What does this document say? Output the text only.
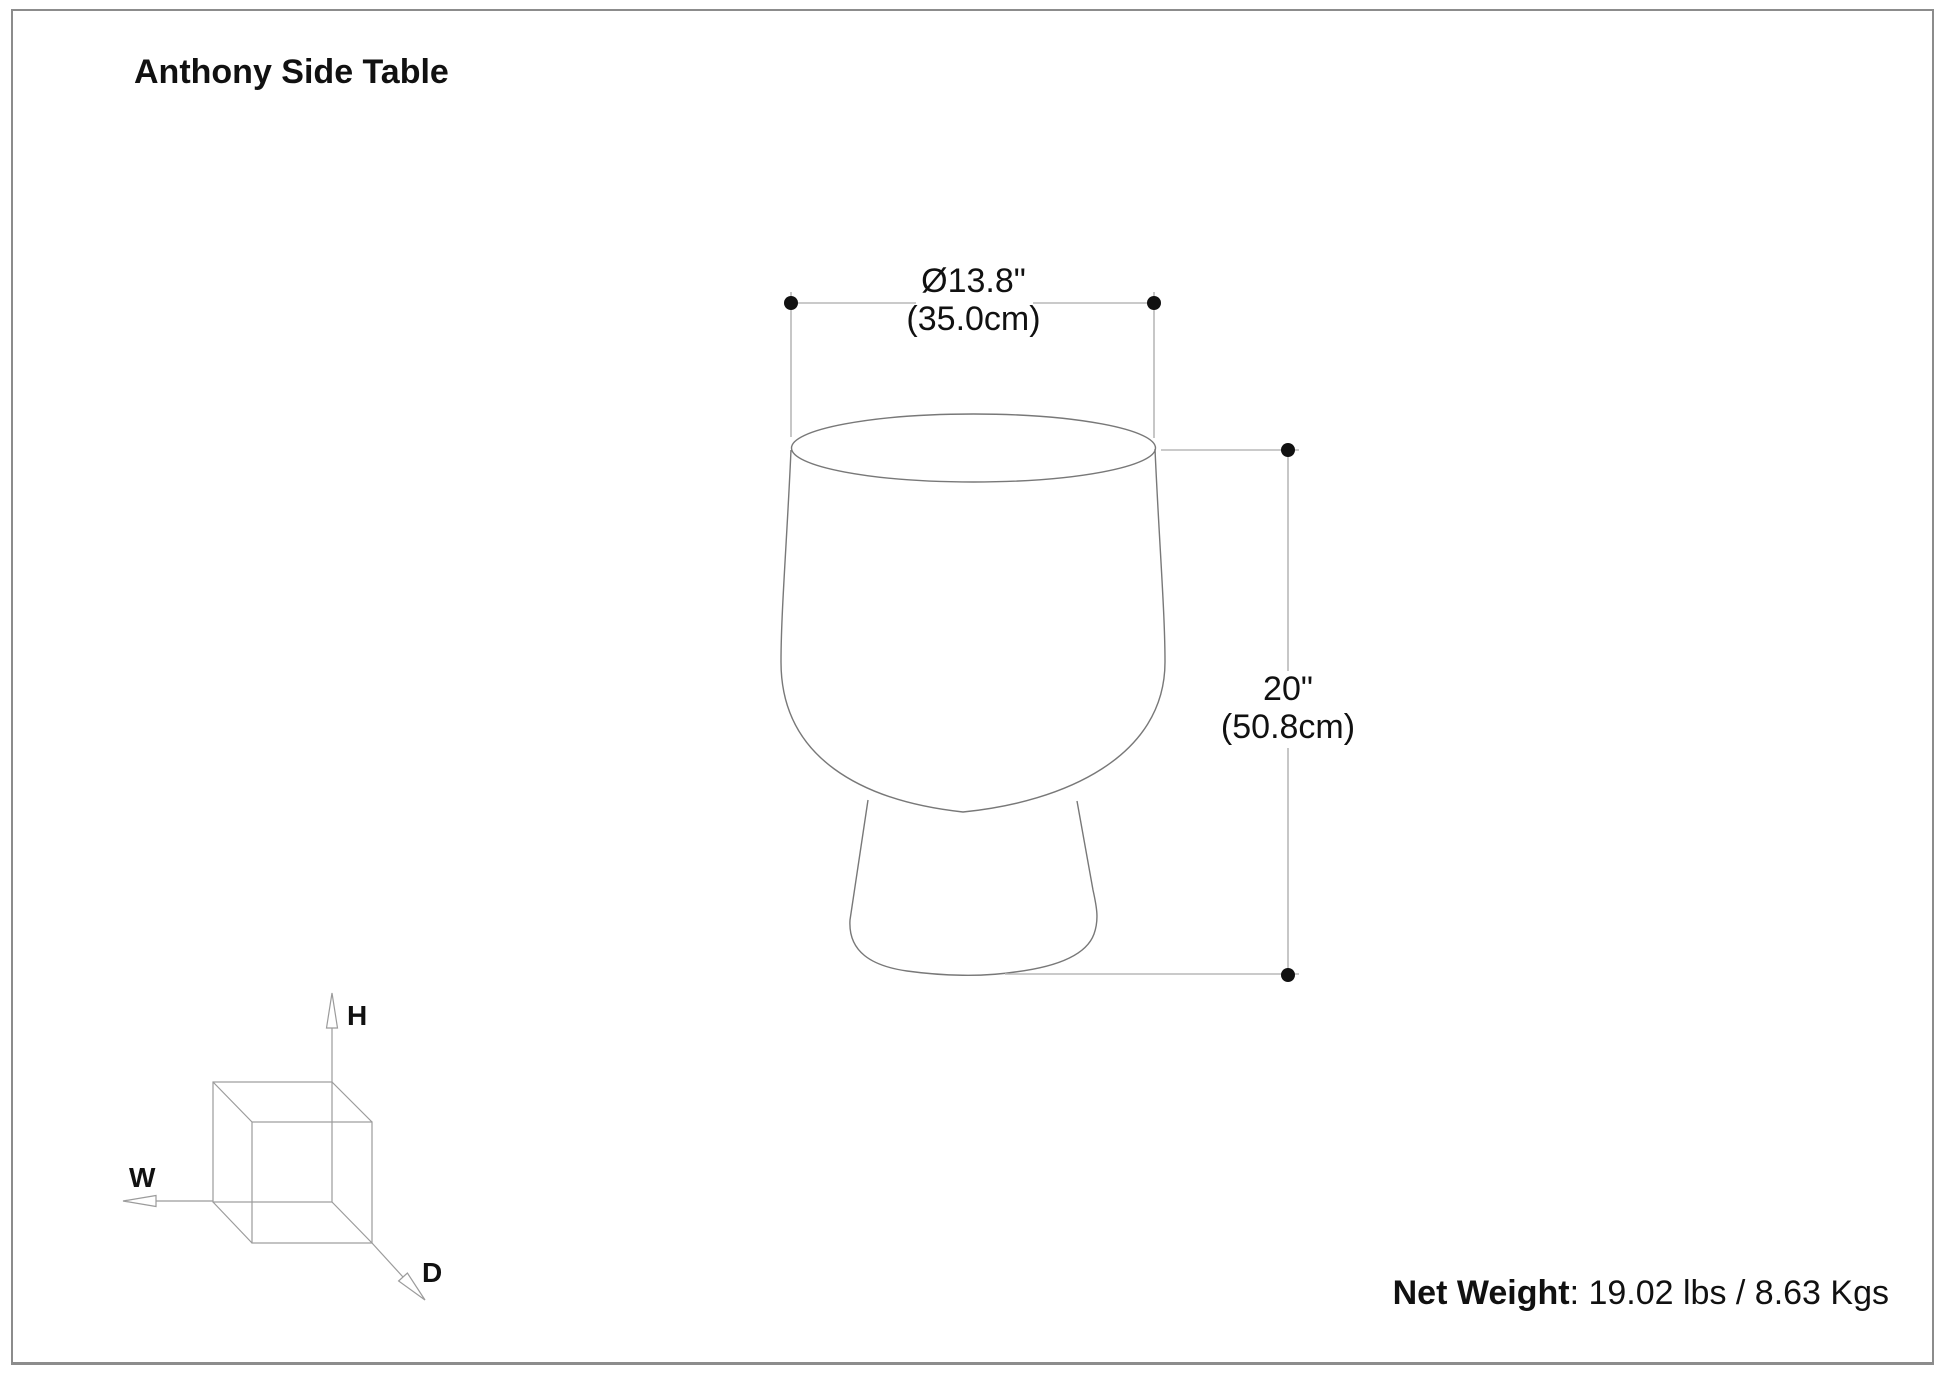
Anthony Side Table
Ø13.8"
(35.0cm)
20"
(50.8cm)
H
W
D
Net Weight: 19.02 lbs / 8.63 Kgs
